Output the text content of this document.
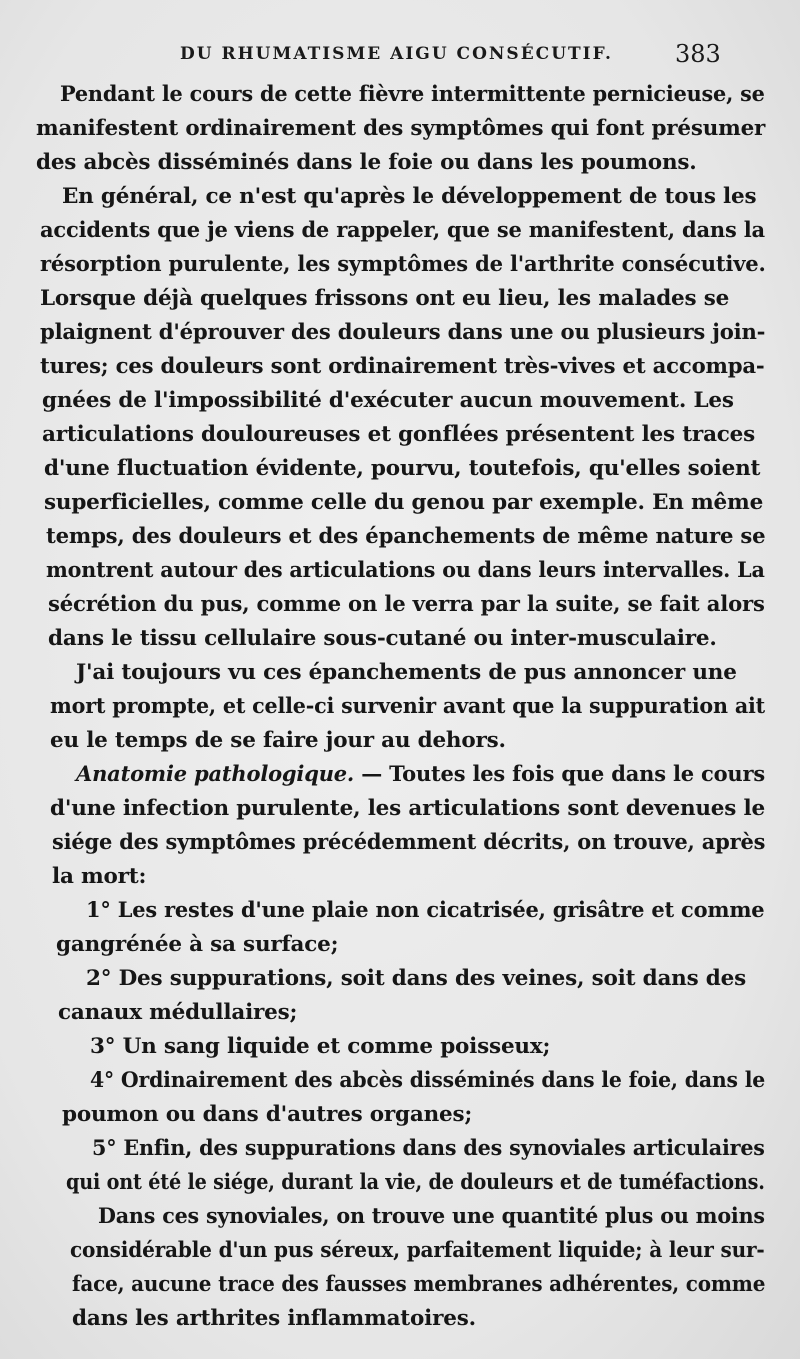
DU RHUMATISME AIGU CONSÉCUTIF.	383
Pendant le cours de cette fièvre intermittente pernicieuse, se
manifestent ordinairement des symptômes qui font présumer
des abcès disséminés dans le foie ou dans les poumons.
En général, ce n'est qu'après le développement de tous les
accidents que je viens de rappeler, que se manifestent, dans la
résorption purulente, les symptômes de l'arthrite consécutive.
Lorsque déjà quelques frissons ont eu lieu, les malades se
plaignent d'éprouver des douleurs dans une ou plusieurs join-
tures; ces douleurs sont ordinairement très-vives et accompa-
gnées de l'impossibilité d'exécuter aucun mouvement. Les
articulations douloureuses et gonflées présentent les traces
d'une fluctuation évidente, pourvu, toutefois, qu'elles soient
superficielles, comme celle du genou par exemple. En même
temps, des douleurs et des épanchements de même nature se
montrent autour des articulations ou dans leurs intervalles. La
sécrétion du pus, comme on le verra par la suite, se fait alors
dans le tissu cellulaire sous-cutané ou inter-musculaire.
J'ai toujours vu ces épanchements de pus annoncer une
mort prompte, et celle-ci survenir avant que la suppuration ait
eu le temps de se faire jour au dehors.
Anatomie pathologique. — Toutes les fois que dans le cours
d'une infection purulente, les articulations sont devenues le
siége des symptômes précédemment décrits, on trouve, après
la mort:
1° Les restes d'une plaie non cicatrisée, grisâtre et comme
gangrénée à sa surface;
2° Des suppurations, soit dans des veines, soit dans des
canaux médullaires;
3° Un sang liquide et comme poisseux;
4° Ordinairement des abcès disséminés dans le foie, dans le
poumon ou dans d'autres organes;
5° Enfin, des suppurations dans des synoviales articulaires
qui ont été le siége, durant la vie, de douleurs et de tuméfactions.
Dans ces synoviales, on trouve une quantité plus ou moins
considérable d'un pus séreux, parfaitement liquide; à leur sur-
face, aucune trace des fausses membranes adhérentes, comme
dans les arthrites inflammatoires.
